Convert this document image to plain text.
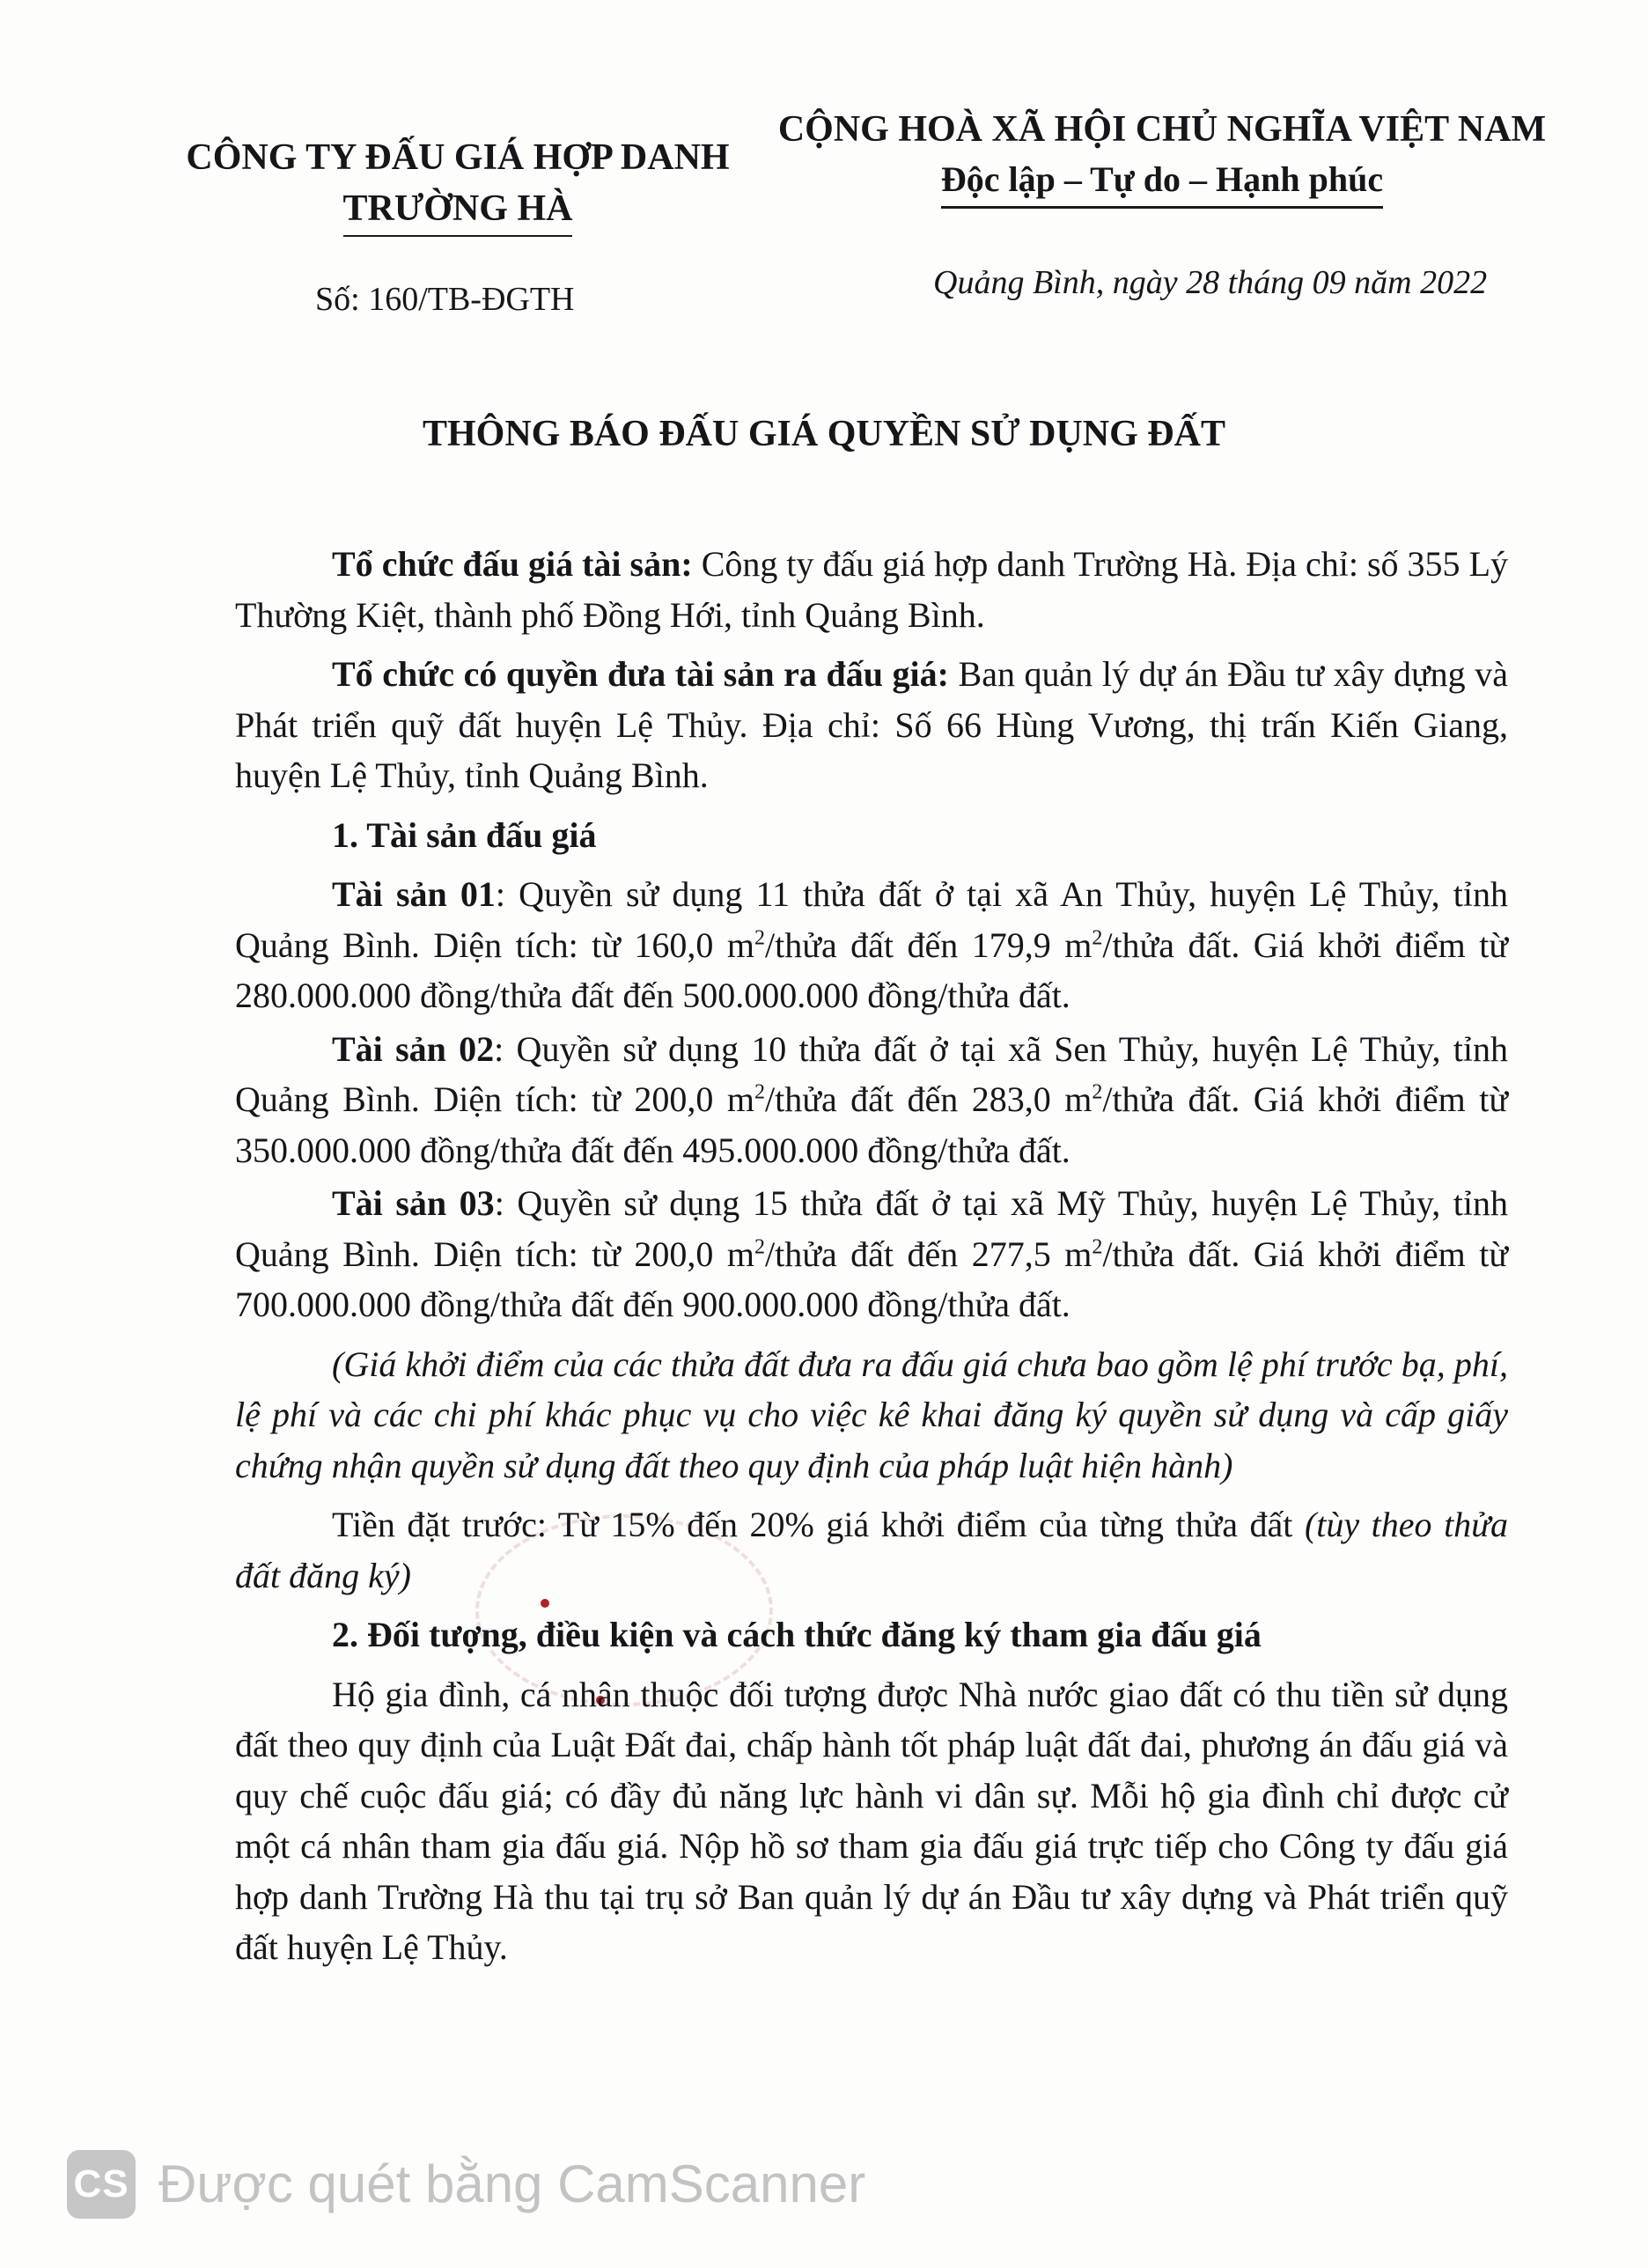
CÔNG TY ĐẤU GIÁ HỢP DANH
TRƯỜNG HÀ
CỘNG HOÀ XÃ HỘI CHỦ NGHĨA VIỆT NAM
Độc lập – Tự do – Hạnh phúc
Số: 160/TB-ĐGTH	Quảng Bình, ngày 28 tháng 09 năm 2022
THÔNG BÁO ĐẤU GIÁ QUYỀN SỬ DỤNG ĐẤT

Tổ chức đấu giá tài sản: Công ty đấu giá hợp danh Trường Hà. Địa chỉ: số 355 Lý Thường Kiệt, thành phố Đồng Hới, tỉnh Quảng Bình.

Tổ chức có quyền đưa tài sản ra đấu giá: Ban quản lý dự án Đầu tư xây dựng và Phát triển quỹ đất huyện Lệ Thủy. Địa chỉ: Số 66 Hùng Vương, thị trấn Kiến Giang, huyện Lệ Thủy, tỉnh Quảng Bình.

1. Tài sản đấu giá

Tài sản 01: Quyền sử dụng 11 thửa đất ở tại xã An Thủy, huyện Lệ Thủy, tỉnh Quảng Bình. Diện tích: từ 160,0 $m^2$/thửa đất đến 179,9 $m^2$/thửa đất. Giá khởi điểm từ 280.000.000 đồng/thửa đất đến 500.000.000 đồng/thửa đất.

Tài sản 02: Quyền sử dụng 10 thửa đất ở tại xã Sen Thủy, huyện Lệ Thủy, tỉnh Quảng Bình. Diện tích: từ 200,0 $m^2$/thửa đất đến 283,0 $m^2$/thửa đất. Giá khởi điểm từ 350.000.000 đồng/thửa đất đến 495.000.000 đồng/thửa đất.

Tài sản 03: Quyền sử dụng 15 thửa đất ở tại xã Mỹ Thủy, huyện Lệ Thủy, tỉnh Quảng Bình. Diện tích: từ 200,0 $m^2$/thửa đất đến 277,5 $m^2$/thửa đất. Giá khởi điểm từ 700.000.000 đồng/thửa đất đến 900.000.000 đồng/thửa đất.

(Giá khởi điểm của các thửa đất đưa ra đấu giá chưa bao gồm lệ phí trước bạ, phí, lệ phí và các chi phí khác phục vụ cho việc kê khai đăng ký quyền sử dụng và cấp giấy chứng nhận quyền sử dụng đất theo quy định của pháp luật hiện hành)

Tiền đặt trước: Từ 15% đến 20% giá khởi điểm của từng thửa đất (tùy theo thửa đất đăng ký)

2. Đối tượng, điều kiện và cách thức đăng ký tham gia đấu giá

Hộ gia đình, cá nhân thuộc đối tượng được Nhà nước giao đất có thu tiền sử dụng đất theo quy định của Luật Đất đai, chấp hành tốt pháp luật đất đai, phương án đấu giá và quy chế cuộc đấu giá; có đầy đủ năng lực hành vi dân sự. Mỗi hộ gia đình chỉ được cử một cá nhân tham gia đấu giá. Nộp hồ sơ tham gia đấu giá trực tiếp cho Công ty đấu giá hợp danh Trường Hà thu tại trụ sở Ban quản lý dự án Đầu tư xây dựng và Phát triển quỹ đất huyện Lệ Thủy.

CS Được quét bằng CamScanner
